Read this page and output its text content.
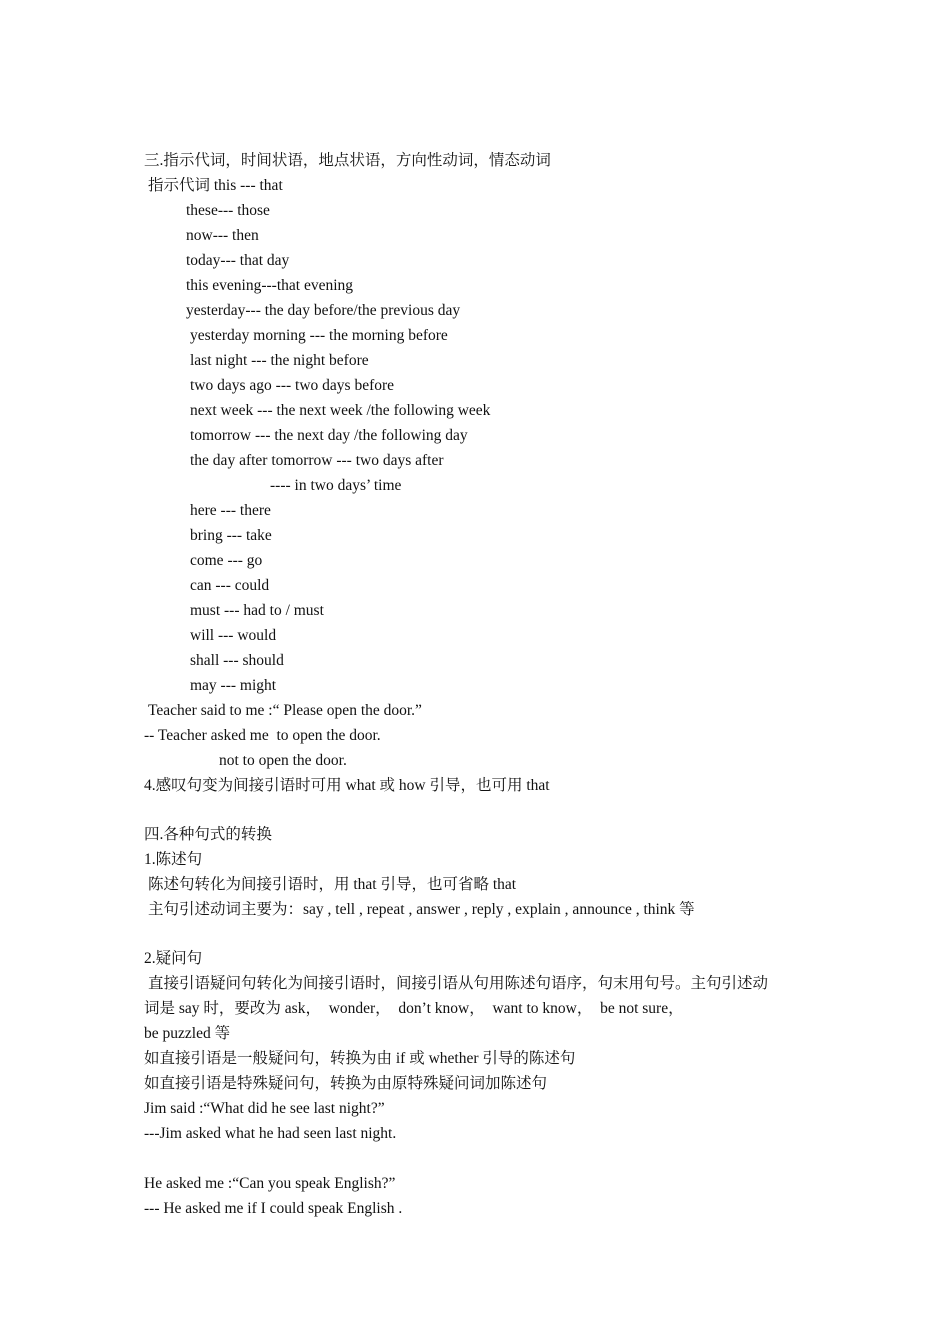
三.指示代词，时间状语，地点状语，方向性动词，情态动词
指示代词 this --- that
these--- those
now--- then
today--- that day
this evening---that evening
yesterday--- the day before/the previous day
yesterday morning --- the morning before
last night --- the night before
two days ago --- two days before
next week --- the next week /the following week
tomorrow --- the next day /the following day
the day after tomorrow --- two days after
---- in two days’ time
here --- there
bring --- take
come --- go
can --- could
must --- had to / must
will --- would
shall --- should
may --- might
Teacher said to me :“ Please open the door.”
-- Teacher asked me  to open the door.
not to open the door.
4.感叹句变为间接引语时可用 what 或 how 引导，也可用 that
四.各种句式的转换
1.陈述句
陈述句转化为间接引语时，用 that 引导，也可省略 that
主句引述动词主要为：say , tell , repeat , answer , reply , explain , announce , think 等
2.疑问句
直接引语疑问句转化为间接引语时，间接引语从句用陈述句语序，句末用句号。主句引述动
词是 say 时，要改为 ask，  wonder，  don’t know，  want to know，  be not sure，
be puzzled 等
如直接引语是一般疑问句，转换为由 if 或 whether 引导的陈述句
如直接引语是特殊疑问句，转换为由原特殊疑问词加陈述句
Jim said :“What did he see last night?”
---Jim asked what he had seen last night.
He asked me :“Can you speak English?”
--- He asked me if I could speak English .
